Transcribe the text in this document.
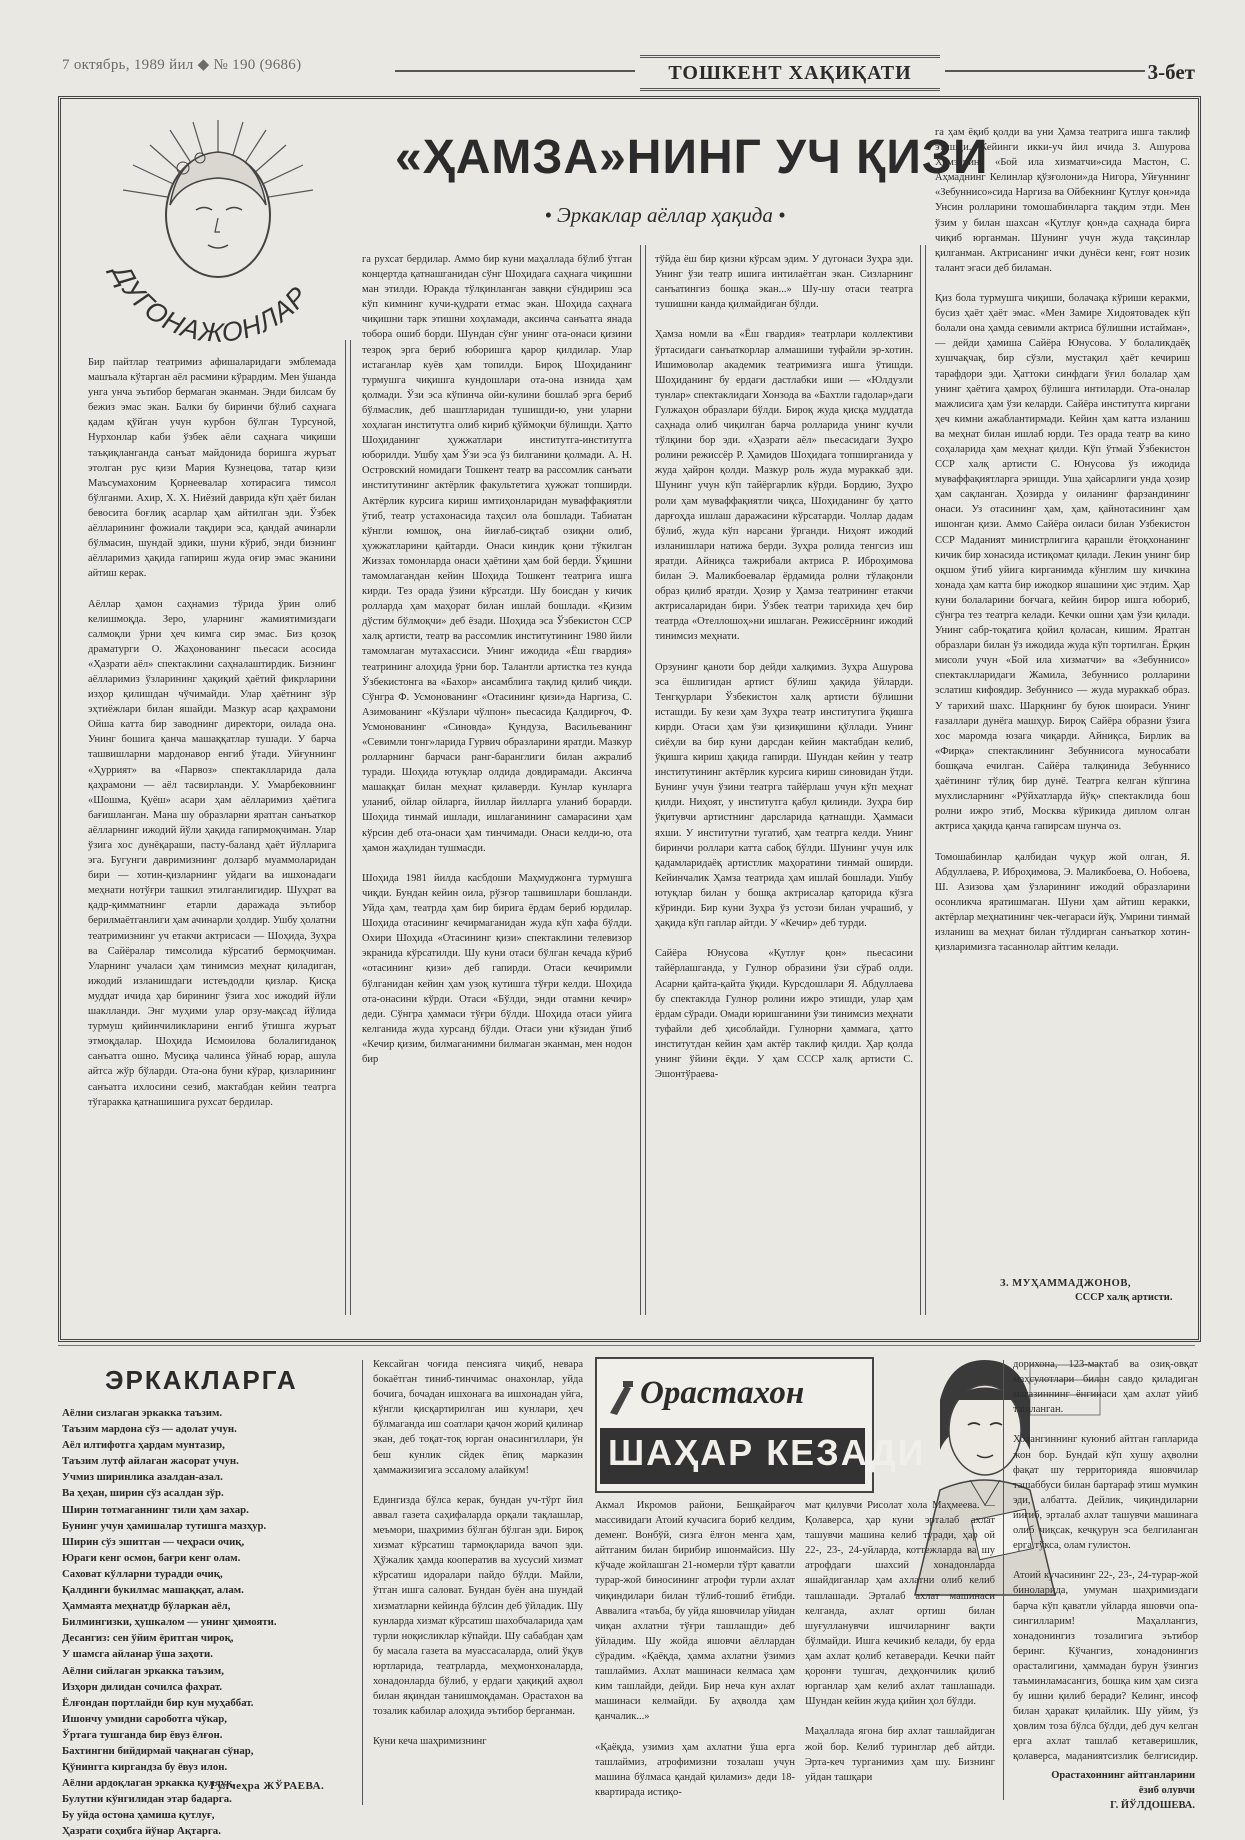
7 октябрь, 1989 йил ◆ № 190 (9686)	ТОШКЕНТ ХАҚИҚАТИ	3-бет
ДУГОНАЖОНЛАР
«ҲАМЗА»НИНГ УЧ ҚИЗИ
• Эркаклар аёллар ҳақида •
Бир пайтлар театримиз афишаларидаги эмблемада машъала кўтарган аёл расмини кўрардим. Мен ўшанда унга унча эътибор бермаган эканман. Энди билсам бу бежиз эмас экан. Балки бу биринчи бўлиб саҳнага қадам қўйган учун курбон бўлган Турсуной, Нурхонлар каби ўзбек аёли саҳнага чиқиши таъқиқланганда санъат майдонида боришга журъат этолган рус қизи Мария Кузнецова, татар қизи Маъсумахоним Қорнеевалар хотирасига тимсол бўлганми. Ахир, Х. Х. Ниёзий даврида кўп ҳаёт билан бевосита боғлиқ асарлар ҳам айтилган эди. Ўзбек аёлларининг фожиали тақдири эса, қандай ачинарли бўлмасин, шундай эдики, шуни кўриб, энди бизнинг аёлларимиз ҳақида гапириш жуда оғир эмас эканини айтиш керак.

Аёллар ҳамон саҳнамиз тўрида ўрин олиб келишмоқда. Зеро, уларнинг жамиятимиздаги салмоқли ўрни ҳеч кимга сир эмас. Биз қозоқ драматурги О. Жаҳонованинг пьесаси асосида «Ҳазрати аёл» спектаклини саҳналаштирдик. Бизнинг аёлларимиз ўзларининг ҳақиқий ҳаётий фикрларини изҳор қилишдан чўчимайди. Улар ҳаётнинг зўр эҳтиёжлари билан яшайди. Мазкур асар қаҳрамони Ойша катта бир заводнинг директори, оилада она. Унинг бошига қанча машаққатлар тушади. У барча ташвишларни мардонавор енгиб ўтади. Уйғуннинг «Ҳуррият» ва «Парвоз» спектаклларида дала қаҳрамони — аёл тасвирланди. У. Умарбековнинг «Шошма, Қуёш» асари ҳам аёлларимиз ҳаётига бағишланган. Мана шу образларни яратган санъаткор аёлларнинг ижодий йўли ҳақида гапирмоқчиман. Улар ўзига хос дунёқараши, пасту-баланд ҳаёт йўлларига эга. Бугунги давримизнинг долзарб муаммоларидан бири — хотин-қизларнинг уйдаги ва ишхонадаги меҳнати нотўғри ташкил этилганлигидир. Шуҳрат ва қадр-қимматнинг етарли даражада эътибор берилмаётганлиги ҳам ачинарли ҳолдир. Ушбу ҳолатни театримизнинг уч етакчи актрисаси — Шоҳида, Зуҳра ва Сайёралар тимсолида кўрсатиб бермоқчиман. Уларнинг учаласи ҳам тинимсиз меҳнат қиладиган, ижодий изланишдаги истеъдодли қизлар. Қисқа муддат ичида ҳар бирининг ўзига хос ижодий йўли шаклланди. Энг муҳими улар орзу-мақсад йўлида турмуш қийинчиликларини енгиб ўтишга журъат этмоқдалар. Шоҳида Исмоилова болалигиданоқ санъатга ошно. Мусиқа чалинса ўйнаб юрар, ашула айтса жўр бўларди. Ота-она буни кўрар, қизларининг санъатга ихлосини сезиб, мактабдан кейин театрга тўгаракка қатнашишига рухсат бердилар.
га рухсат бердилар. Аммо бир куни маҳаллада бўлиб ўтган концертда қатнашганидан сўнг Шоҳидага саҳнага чиқишни ман этилди. Юракда тўлқинланган завқни сўндириш эса кўп кимнинг кучи-қудрати етмас экан. Шоҳида саҳнага чиқишни тарк этишни хоҳламади, аксинча санъатга янада тобора ошиб борди. Шундан сўнг унинг ота-онаси қизини тезроқ эрга бериб юборишга қарор қилдилар. Улар истаганлар куёв ҳам топилди. Бироқ Шоҳиданинг турмушга чиқишга кундошлари ота-она изнида ҳам қолмади. Ўзи эса кўпинча ойи-кулини бошлаб эрга бериб бўлмаслик, деб шаштларидан тушишди-ю, уни уларни хоҳлаган институтга олиб кириб қўймоқчи бўлишди. Ҳатто Шоҳиданинг ҳужжатлари институтга-институтга юборилди. Ушбу ҳам Ўзи эса ўз билганини қолмади. А. Н. Островский номидаги Тошкент театр ва рассомлик санъати институтининг актёрлик факультетига ҳужжат топширди. Актёрлик курсига кириш имтиҳонларидан муваффақиятли ўтиб, театр устахонасида таҳсил ола бошлади. Табиатан кўнгли юмшоқ, она йиғлаб-сиқтаб озиқни олиб, ҳужжатларини қайтарди. Онаси киндик қони тўкилган Жиззах томонларда онаси ҳаётини ҳам бой берди. Ўқишни тамомлагандан кейин Шоҳида Тошкент театрига ишга кирди. Тез орада ўзини кўрсатди. Шу боисдан у кичик ролларда ҳам маҳорат билан ишлай бошлади. «Қизим дўстим бўлмоқчи» деб ёзади. Шоҳида эса Ўзбекистон ССР халқ артисти, театр ва рассомлик институтининг 1980 йили тамомлаган мутахассиси. Унинг ижодида «Ёш гвардия» театрининг алоҳида ўрни бор. Талантли артистка тез кунда Ўзбекистонга ва «Бахор» ансамблига тақлид қилиб чиқди. Сўнгра Ф. Усмонованинг «Отасининг қизи»да Наргиза, С. Азимованинг «Кўзлари чўлпон» пьесасида Қалдирғоч, Ф. Усмонованинг «Синовда» Қундуза, Васильеванинг «Севимли тонг»ларида Гурвич образларини яратди. Мазкур ролларнинг барчаси ранг-баранглиги билан ажралиб туради. Шоҳида ютуқлар олдида довдирамади. Аксинча машаққат билан меҳнат қилаверди. Кунлар кунларга уланиб, ойлар ойларга, йиллар йилларга уланиб борарди. Шоҳида тинмай ишлади, ишлаганининг самарасини ҳам кўрсин деб ота-онаси ҳам тинчимади. Онаси келди-ю, ота ҳамон жаҳлидан тушмасди.

Шоҳида 1981 йилда касбдоши Маҳмуджонга турмушга чиқди. Бундан кейин оила, рўзғор ташвишлари бошланди. Уйда ҳам, театрда ҳам бир бирига ёрдам бериб юрдилар. Шоҳида отасининг кечирмаганидан жуда кўп хафа бўлди. Охири Шоҳида «Отасининг қизи» спектаклини телевизор экранида кўрсатилди. Шу куни отаси бўлган кечада кўриб «отасининг қизи» деб гапирди. Отаси кечиримли бўлганидан кейин ҳам узоқ кутишга тўғри келди. Шоҳида ота-онасини кўрди. Отаси «Бўлди, энди отамни кечир» деди. Сўнгра ҳаммаси тўғри бўлди. Шоҳида отаси уйига келганида жуда хурсанд бўлди. Отаси уни кўзидан ўпиб «Кечир қизим, билмаганимни билмаган эканман, мен нодон бир
тўйда ёш бир қизни кўрсам эдим. У дугонаси Зуҳра эди. Унинг ўзи театр ишига интилаётган экан. Сизларнинг санъатингиз бошқа экан...» Шу-шу отаси театрга тушишни канда қилмайдиган бўлди.

Ҳамза номли ва «Ёш гвардия» театрлари коллективи ўртасидаги санъаткорлар алмашиши туфайли эр-хотин. Ишимоволар академик театримизга ишга ўтишди. Шоҳиданинг бу ердаги дастлабки иши — «Юлдузли тунлар» спектаклидаги Хонзода ва «Бахтли гадолар»даги Гулжаҳон образлари бўлди. Бироқ жуда қисқа муддатда саҳнада олиб чиқилган барча ролларида унинг кучли тўлқини бор эди. «Ҳазрати аёл» пьесасидаги Зуҳро ролини режиссёр Р. Ҳамидов Шоҳидага топширганида у жуда ҳайрон қолди. Мазкур роль жуда мураккаб эди. Шунинг учун кўп тайёргарлик кўрди. Бордию, Зуҳро роли ҳам муваффақиятли чиқса, Шоҳиданинг бу ҳатто дарғоҳда ишлаш даражасини кўрсатарди. Чоллар дадам бўлиб, жуда кўп нарсани ўрганди. Ниҳоят ижодий изланишлари натижа берди. Зуҳра ролида тенгсиз иш яратди. Айниқса тажрибали актриса Р. Иброҳимова билан Э. Маликбоевалар ёрдамида ролни тўлақонли образ қилиб яратди. Ҳозир у Ҳамза театрининг етакчи актрисаларидан бири. Ўзбек театри тарихида ҳеч бир театрда «Отеллошоҳ»ни ишлаган. Режиссёрнинг ижодий тинимсиз меҳнати.

Орзунинг қаноти бор дейди халқимиз. Зуҳра Ашурова эса ёшлигидан артист бўлиш ҳақида ўйларди. Тенгқурлари Ўзбекистон халқ артисти бўлишни исташди. Бу кези ҳам Зуҳра театр институтига ўқишга кирди. Отаси ҳам ўзи қизиқишини қўллади. Унинг сиёҳли ва бир куни дарсдан кейин мактабдан келиб, ўқишга кириш ҳақида гапирди. Шундан кейин у театр институтининг актёрлик курсига кириш синовидан ўтди. Бунинг учун ўзини театрга тайёрлаш учун кўп меҳнат қилди. Ниҳоят, у институтга қабул қилинди. Зуҳра бир ўқитувчи артистнинг дарсларида қатнашди. Ҳаммаси яхши. У институтни тугатиб, ҳам театрга келди. Унинг биринчи роллари катта сабоқ бўлди. Шунинг учун илк қадамларидаёқ артистлик маҳоратини тинмай оширди. Кейинчалик Ҳамза театрида ҳам ишлай бошлади. Ушбу ютуқлар билан у бошқа актрисалар қаторида кўзга кўринди. Бир куни Зуҳра ўз устози билан учрашиб, у ҳақида кўп гаплар айтди. У «Кечир» деб турди.

Сайёра Юнусова «Қутлуғ қон» пьесасини тайёрлашганда, у Гулнор образини ўзи сўраб олди. Асарни қайта-қайта ўқиди. Курсдошлари Я. Абдуллаева бу спектаклда Гулнор ролини ижро этишди, улар ҳам ёрдам сўради. Омади юришганини ўзи тинимсиз меҳнати туфайли деб ҳисоблайди. Гулнорни ҳаммага, ҳатто институтдан кейин ҳам актёр таклиф қилди. Ҳар қолда унинг ўйини ёқди. У ҳам СССР халқ артисти С. Эшонтўраева-
га ҳам ёқиб қолди ва уни Ҳамза театрига ишга таклиф этишди. Кейинги икки-уч йил ичида З. Ашурова Ҳамзанинг «Бой ила хизматчи»сида Мастон, С. Аҳмаднинг Келинлар қўзғолони»да Нигора, Уйғуннинг «Зебуннисо»сида Наргиза ва Ойбекнинг Қутлуғ қон»ида Унсин ролларини томошабинларга тақдим этди. Мен ўзим у билан шахсан «Қутлуғ қон»да саҳнада бирга чиқиб юрганман. Шунинг учун жуда тақсинлар қилганман. Актрисанинг ички дунёси кенг, ғоят нозик талант эгаси деб биламан.

Қиз бола турмушга чиқиши, болачақа кўриши керакми, бусиз ҳаёт ҳаёт эмас. «Мен Замире Хидоятовадек кўп болали она ҳамда севимли актриса бўлишни истайман», — дейди ҳамиша Сайёра Юнусова. У болаликдаёқ хушчақчақ, бир сўзли, мустақил ҳаёт кечириш тарафдори эди. Ҳаттоки синфдаги ўғил болалар ҳам унинг ҳаётига ҳамроҳ бўлишга интиларди. Ота-оналар мажлисига ҳам ўзи келарди. Сайёра институтга киргани ҳеч кимни ажаблантирмади. Кейин ҳам катта изланиш ва меҳнат билан ишлаб юрди. Тез орада театр ва кино соҳаларида ҳам меҳнат қилди. Кўп ўтмай Ўзбекистон ССР халқ артисти С. Юнусова ўз ижодида муваффақиятларга эришди. Уша ҳайсарлиги унда ҳозир ҳам сақланган. Ҳозирда у оиланинг фарзандининг онаси. Уз отасининг ҳам, ҳам, қайнотасининг ҳам ишонган қизи. Аммо Сайёра оиласи билан Узбекистон ССР Маданият министрлигига қарашли ётоқхонанинг кичик бир хонасида истиқомат қилади. Лекин унинг бир оқшом ўтиб уйига кирганимда кўнглим шу кичкина хонада ҳам катта бир ижодкор яшашини ҳис этдим. Ҳар куни болаларини боғчага, кейин бирор ишга юбориб, сўнгра тез театрга келади. Кечки ошни ҳам ўзи қилади. Унинг сабр-тоқатига қойил қоласан, кишим. Яратган образлари билан ўз ижодида жуда кўп тортилган. Ёрқин мисоли учун «Бой ила хизматчи» ва «Зебуннисо» спектаклларидаги Жамила, Зебуннисо ролларини эслатиш кифоядир. Зебуннисо — жуда мураккаб образ. У тарихий шахс. Шарқнинг бу буюк шоираси. Унинг ғазаллари дунёга машҳур. Бироқ Сайёра образни ўзига хос маромда юзага чиқарди. Айниқса, Бирлик ва «Фирқа» спектаклининг Зебуннисога муносабати бошқача ечилган. Сайёра талқинида Зебуннисо ҳаётининг тўлиқ бир дунё. Театрга келган кўпгина мухлисларнинг «Рўйхатларда йўқ» спектаклида бош ролни ижро этиб, Москва кўрикида диплом олган актриса ҳақида қанча гапирсам шунча оз.

Томошабинлар қалбидан чуқур жой олган, Я. Абдуллаева, Р. Иброҳимова, Э. Маликбоева, О. Нобоева, Ш. Азизова ҳам ўзларининг ижодий образларини осонликча яратишмаган. Шуни ҳам айтиш керакки, актёрлар меҳнатининг чек-чегараси йўқ. Умрини тинмай изланиш ва меҳнат билан тўлдирган санъаткор хотин-қизларимизга тасаннолар айтгим келади.
З. МУҲАММАДЖОНОВ,
СССР халқ артисти.
ЭРКАКЛАРГА
Аёлни сизлаган эркакка таъзим.
Таъзим мардона сўз — адолат учун.
Аёл илтифотга ҳардам мунтазир,
Таъзим лутф айлаган жасорат учун.
Учмиз ширинлика азалдан-азал.
Ва ҳеҳан, ширин сўз асалдан зўр.
Ширин тотмаганнинг тили ҳам захар.
Бунинг учун ҳамишалар тутишга мазҳур.
Ширин сўз эшитган — чеҳраси очиқ,
Юраги кенг осмон, бағри кенг олам.
Саховат кўлларни турадди очиқ,
Қалдинги букилмас машаққат, алам.
Ҳаммаята меҳнатдр бўларкан аёл,
Билмингизки, ҳушкалом — унинг ҳимояти.
Десангиз: сен ўйим ёритган чироқ,
У шамсга айланар ўша заҳоти.
Аёлни сийлаган эркакка таъзим,
Изҳорн дилидан сочилса фахрат.
Ёлғондан портлайди бир кун муҳаббат.
Ишончу умидни сароботга чўкар,
Ўртага тушганда бир ёвуз ёлғон.
Бахтингни бийдирмай чақнаган сўнар,
Қўнингга киргандза бу ёвуз илон.
Аёлни ардоқлаган эркакка қуллуқ,
Булутни кўнгилидан этар бадарга.
Бу уйда остона ҳамиша қутлуғ,
Ҳазрати соҳибга йўнар Ақтарга.
Гулчеҳра ЖЎРАЕВА.
Орастахон
ШАҲАР КЕЗАДИ
Кексайган чоғида пенсияга чиқиб, невара бокаётган тиниб-тинчимас онахонлар, уйда бочига, бочадан ишхонага ва ишхонадан уйга, кўнгли қисқартирилган иш кунлари, ҳеч бўлмаганда иш соатлари қачон жорий қилинар экан, деб тоқат-тоқ юрган онасингиллари, ўн беш кунлик сйдек ёпиқ марказин ҳаммажизигига эссалому алайкум!

Едингизда бўлса керак, бундан уч-тўрт йил аввал газета саҳифаларда орқали тақлашлар, меъмори, шаҳримиз бўлган бўлган эди. Бироқ хизмат кўрсатиш тармоқларида вачоп эди. Ҳўжалик ҳамда кооператив ва хусусий хизмат кўрсатиш идоралари пайдо бўлди. Майли, ўтган ишга саловат. Бундан буён ана шундай хизматларни кейинда бўлсин деб ўйладик. Шу кунларда хизмат кўрсатиш шахобчаларида ҳам турли ноқисликлар кўпайди. Шу сабабдан ҳам бу масала газета ва муассасаларда, олий ўқув юртларида, театрларда, меҳмонхоналарда, хонадонларда бўлиб, у ердаги ҳақиқий аҳвол билан яқиндан танишмоқдаман. Орастахон ва тозалик кабилар алоҳида эътибор берганман.

Куни кеча шаҳримизнинг
Акмал Икромов райони, Бешқайрағоч массивидаги Атоий кучасига бориб келдим, деменг. Вонбўй, сизга ёлғон менга ҳам, айтганим билан бирибир ишонмайсиз. Шу кўчаде жойлашган 21-номерли тўрт қаватли турар-жой биносининг атрофи турли ахлат чиқиндилари билан тўлиб-тошиб ётибди. Аввалига «таъба, бу уйда яшовчилар уйидан чиқан ахлатни тўғри ташлашди» деб ўйладим. Шу жойда яшовчи аёллардан сўрадим. «Қаёқда, ҳамма ахлатни ўзимиз ташлаймиз. Ахлат машинаси келмаса ҳам ким ташлайди, дейди. Бир неча кун ахлат машинаси келмайди. Бу аҳволда ҳам қанчалик...»

«Қаёқда, узимиз ҳам ахлатни ўша ерга ташлаймиз, атрофимизни тозалаш учун машина бўлмаса қандай қиламиз» деди 18-квартирада истиқо-
мат қилувчи Рисолат хола Маҳмеева. — Қолаверса, ҳар куни эрталаб ахлат ташувчи машина келиб туради, ҳар ой 22-, 23-, 24-уйларда, коттежларда ва шу атрофдаги шахсий хонадонларда яшайдиганлар ҳам ахлатни олиб келиб ташлашади. Эрталаб ахлат машинаси келганда, ахлат ортиш билан шуғулланувчи ишчиларнинг вақти бўлмайди. Ишга кечикиб келади, бу ерда ҳам ахлат қолиб кетаверади. Кечки пайт қоронғи тушгач, деҳқончилик қилиб юрганлар ҳам келиб ахлат ташлашади. Шундан кейин жуда қийин ҳол бўлди.

Маҳаллада ягона бир ахлат ташлайдиган жой бор. Келиб туринглар деб айтди. Эрта-кеч турганимиз ҳам шу. Бизнинг уйдан ташқари
дорихона, 123-мактаб ва озиқ-овқат маҳсулотлари билан савдо қиладиган магазиннинг ёнгинаси ҳам ахлат уйиб ташланган.

Холангиннинг куюниб айтган гапларида жон бор. Бундай кўп хушу аҳволни фақат шу территорияда яшовчилар ташаббуси билан бартараф этиш мумкин эди, албатта. Дейлик, чиқиндиларни йиғиб, эрталаб ахлат ташувчи машинага олиб чиқсак, кечқурун эса белгиланган ерга тўкса, олам гулистон.

Атоий кучасининг 22-, 23-, 24-турар-жой биноларида, умуман шаҳримиздаги барча кўп қаватли уйларда яшовчи опа-сингилларим! Маҳаллангиз, хонадонингиз тозалигига эътибор беринг. Кўчангиз, хонадонингиз орасталигини, ҳаммадан бурун ўзингиз таъминламасангиз, бошқа ким ҳам сизга бу ишни қилиб беради? Келинг, инсоф билан ҳаракат қилайлик. Шу уйим, ўз ҳовлим тоза бўлса бўлди, деб дуч келган ерга ахлат ташлаб кетаверишлик, қолаверса, маданиятсизлик белгисидир.
Орастахоннинг айтганларини ёзиб олувчи
Г. ЙЎЛДОШЕВА.
